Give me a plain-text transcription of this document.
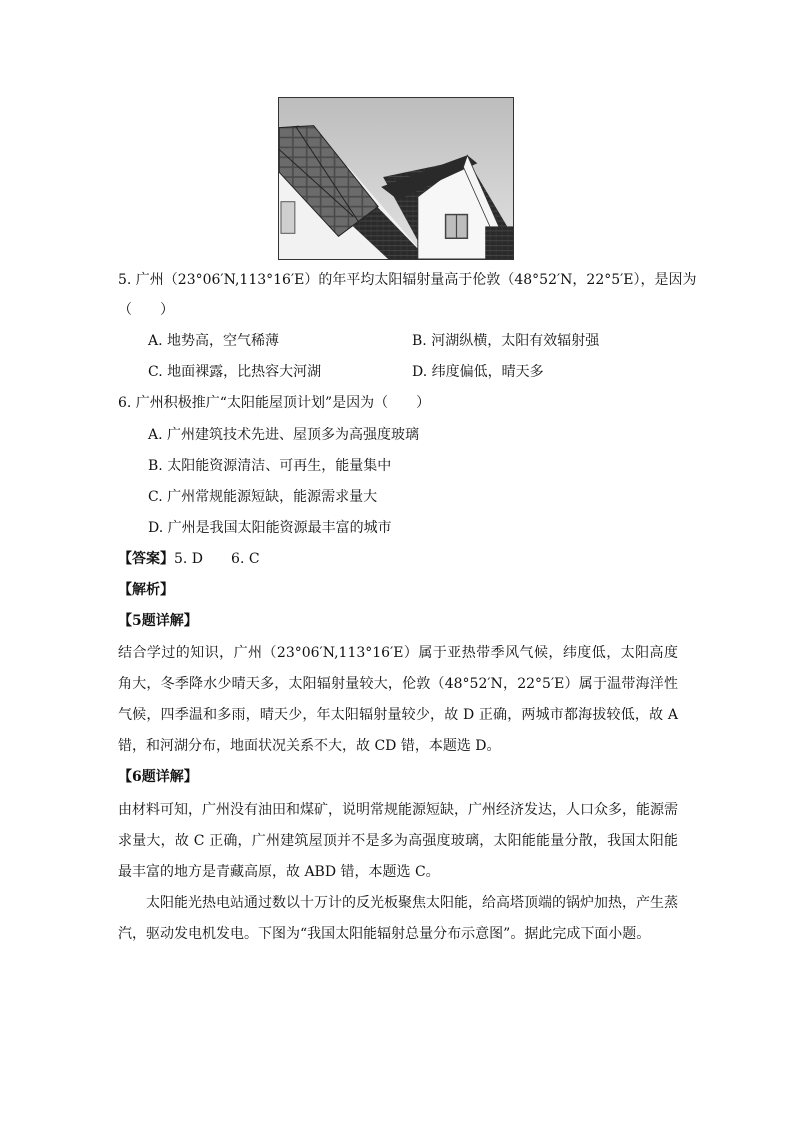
5. 广州（23°06′N,113°16′E）的年平均太阳辐射量高于伦敦（48°52′N，22°5′E），是因为
（　　）
A. 地势高，空气稀薄	B. 河湖纵横，太阳有效辐射强
C. 地面裸露，比热容大河湖	D. 纬度偏低，晴天多
6. 广州积极推广“太阳能屋顶计划”是因为（　　）
A. 广州建筑技术先进、屋顶多为高强度玻璃
B. 太阳能资源清洁、可再生，能量集中
C. 广州常规能源短缺，能源需求量大
D. 广州是我国太阳能资源最丰富的城市
【答案】5. D　　6. C
【解析】
【5题详解】
结合学过的知识，广州（23°06′N,113°16′E）属于亚热带季风气候，纬度低，太阳高度角大，冬季降水少晴天多，太阳辐射量较大，伦敦（48°52′N，22°5′E）属于温带海洋性气候，四季温和多雨，晴天少，年太阳辐射量较少，故 D 正确，两城市都海拔较低，故 A 错，和河湖分布，地面状况关系不大，故 CD 错，本题选 D。
【6题详解】
由材料可知，广州没有油田和煤矿，说明常规能源短缺，广州经济发达，人口众多，能源需求量大，故 C 正确，广州建筑屋顶并不是多为高强度玻璃，太阳能能量分散，我国太阳能最丰富的地方是青藏高原，故 ABD 错，本题选 C。
太阳能光热电站通过数以十万计的反光板聚焦太阳能，给高塔顶端的锅炉加热，产生蒸汽，驱动发电机发电。下图为“我国太阳能辐射总量分布示意图”。据此完成下面小题。
